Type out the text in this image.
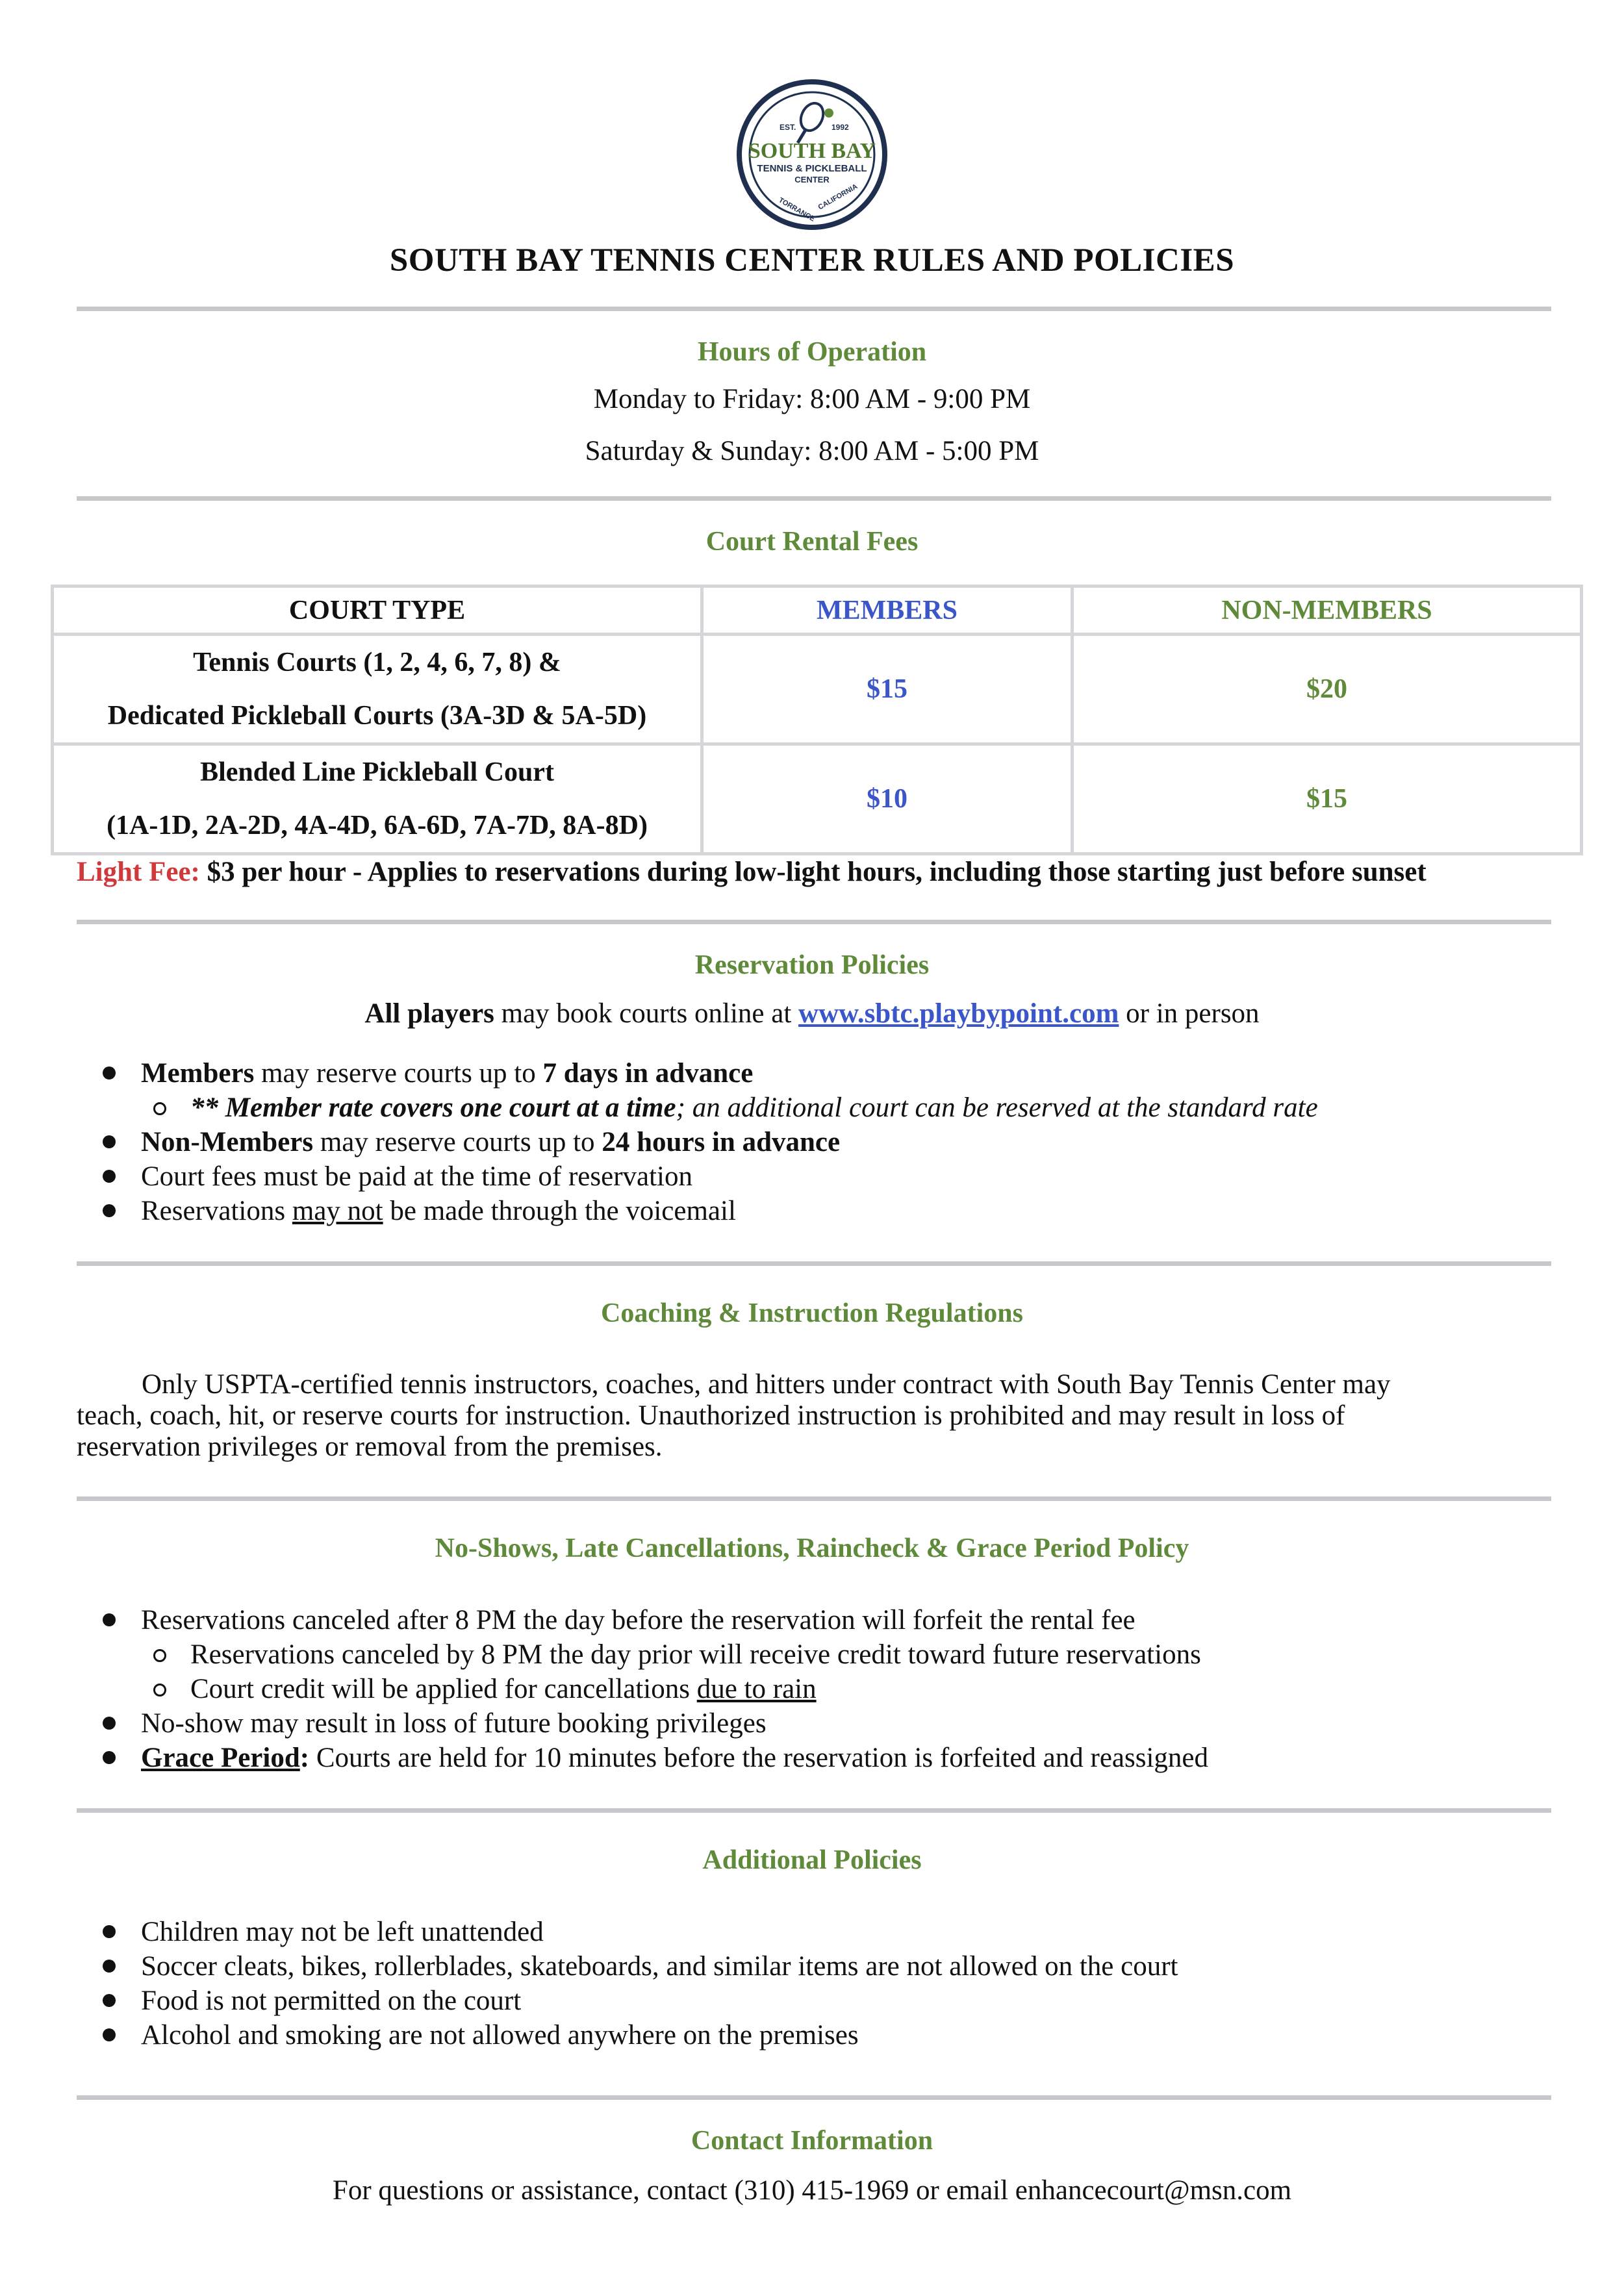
EST.	1992
SOUTH BAY
TENNIS & PICKLEBALL
CENTER
TORRANCE CALIFORNIA
SOUTH BAY TENNIS CENTER RULES AND POLICIES
Hours of Operation
Monday to Friday: 8:00 AM - 9:00 PM
Saturday & Sunday: 8:00 AM - 5:00 PM
Court Rental Fees
COURT TYPE	MEMBERS	NON-MEMBERS

Tennis Courts (1, 2, 4, 6, 7, 8) &
Dedicated Pickleball Courts (3A-3D & 5A-5D)	$15	$20

Blended Line Pickleball Court
(1A-1D, 2A-2D, 4A-4D, 6A-6D, 7A-7D, 8A-8D)	$10	$15
Light Fee: $3 per hour - Applies to reservations during low-light hours, including those starting just before sunset
Reservation Policies
All players may book courts online at www.sbtc.playbypoint.com or in person
Members may reserve courts up to 7 days in advance
** Member rate covers one court at a time; an additional court can be reserved at the standard rate
Non-Members may reserve courts up to 24 hours in advance
Court fees must be paid at the time of reservation
Reservations may not be made through the voicemail
Coaching & Instruction Regulations
Only USPTA-certified tennis instructors, coaches, and hitters under contract with South Bay Tennis Center may
teach, coach, hit, or reserve courts for instruction. Unauthorized instruction is prohibited and may result in loss of
reservation privileges or removal from the premises.
No-Shows, Late Cancellations, Raincheck & Grace Period Policy
Reservations canceled after 8 PM the day before the reservation will forfeit the rental fee
Reservations canceled by 8 PM the day prior will receive credit toward future reservations
Court credit will be applied for cancellations due to rain
No-show may result in loss of future booking privileges
Grace Period: Courts are held for 10 minutes before the reservation is forfeited and reassigned
Additional Policies
Children may not be left unattended
Soccer cleats, bikes, rollerblades, skateboards, and similar items are not allowed on the court
Food is not permitted on the court
Alcohol and smoking are not allowed anywhere on the premises
Contact Information
For questions or assistance, contact (310) 415-1969 or email enhancecourt@msn.com
